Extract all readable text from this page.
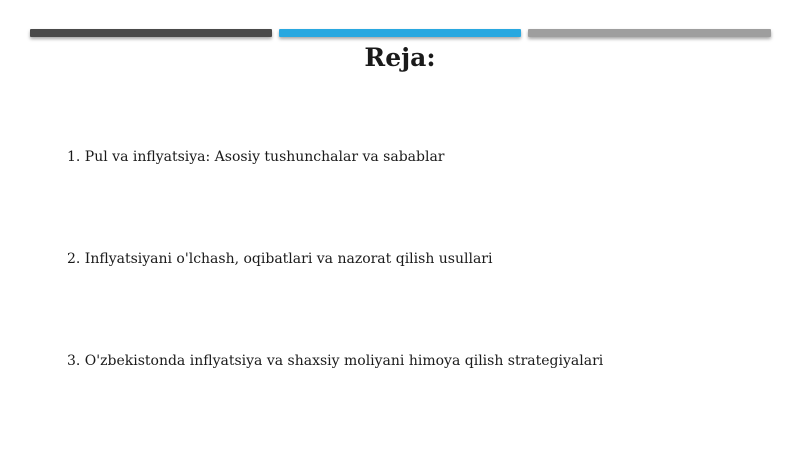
Reja:
1. Pul va inflyatsiya: Asosiy tushunchalar va sabablar
2. Inflyatsiyani o'lchash, oqibatlari va nazorat qilish usullari
3. O'zbekistonda inflyatsiya va shaxsiy moliyani himoya qilish strategiyalari
